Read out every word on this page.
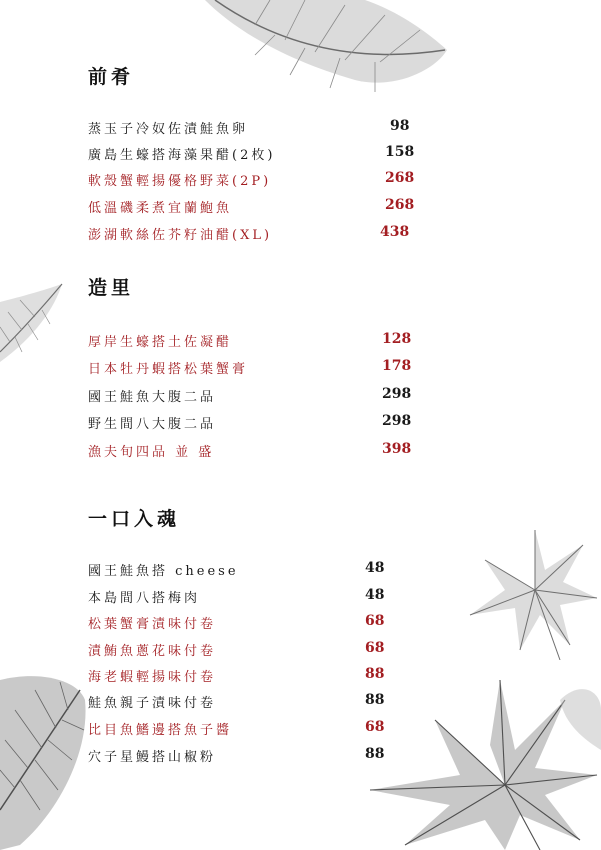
前肴
蒸玉子冷奴佐漬鮭魚卵	98
廣島生蠔搭海藻果醋(2枚)	158
軟殼蟹輕揚優格野菜(2P)	268
低溫磯柔煮宜蘭鮑魚	268
澎湖軟絲佐芥籽油醋(XL)	438
造里
厚岸生蠔搭土佐凝醋	128
日本牡丹蝦搭松葉蟹膏	178
國王鮭魚大腹二品	298
野生間八大腹二品	298
漁夫旬四品 並 盛	398
一口入魂
國王鮭魚搭 cheese	48
本島間八搭梅肉	48
松葉蟹膏漬味付卷	68
漬鮪魚蔥花味付卷	68
海老蝦輕揚味付卷	88
鮭魚親子漬味付卷	88
比目魚鰭邊搭魚子醬	68
穴子星鰻搭山椒粉	88
